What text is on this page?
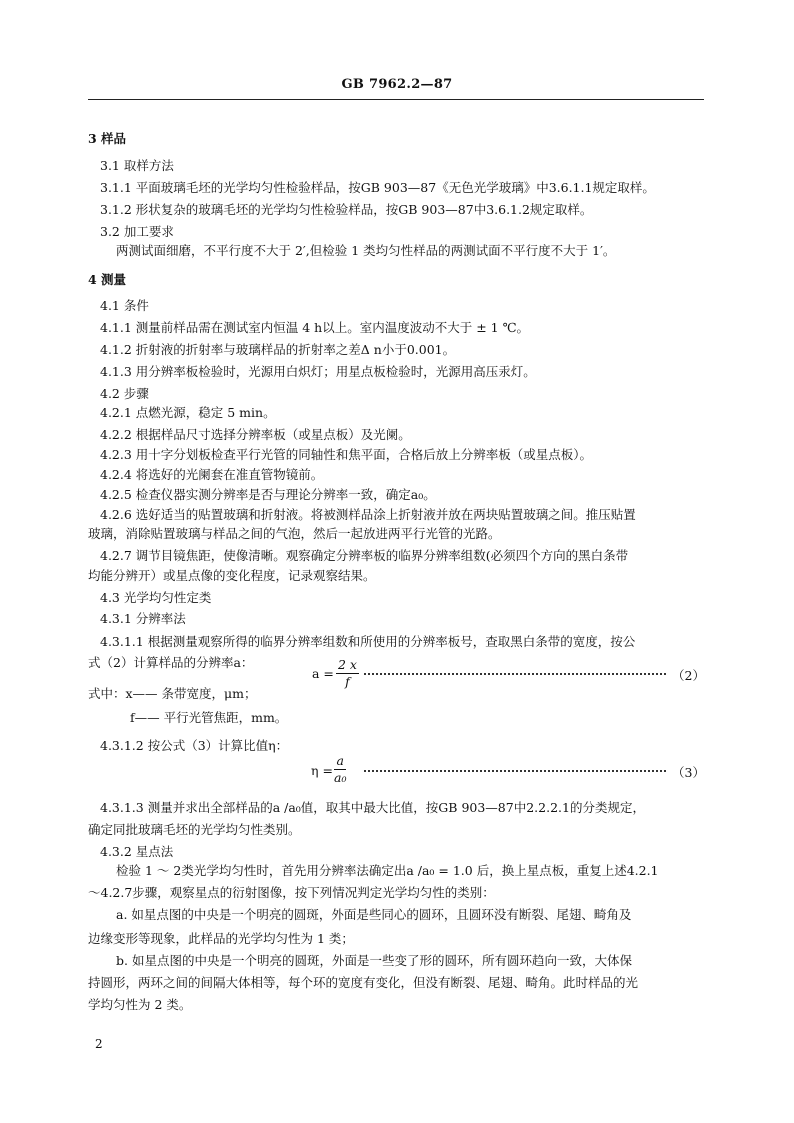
GB 7962.2—87
3 样品
3.1 取样方法
3.1.1 平面玻璃毛坯的光学均匀性检验样品，按GB 903—87《无色光学玻璃》中3.6.1.1规定取样。
3.1.2 形状复杂的玻璃毛坯的光学均匀性检验样品，按GB 903—87中3.6.1.2规定取样。
3.2 加工要求
两测试面细磨，不平行度不大于 2′,但检验 1 类均匀性样品的两测试面不平行度不大于 1′。
4 测量
4.1 条件
4.1.1 测量前样品需在测试室内恒温 4 h以上。室内温度波动不大于 ± 1 ℃。
4.1.2 折射液的折射率与玻璃样品的折射率之差Δ n小于0.001。
4.1.3 用分辨率板检验时，光源用白炽灯；用星点板检验时，光源用高压汞灯。
4.2 步骤
4.2.1 点燃光源，稳定 5 min。
4.2.2 根据样品尺寸选择分辨率板（或星点板）及光阑。
4.2.3 用十字分划板检查平行光管的同轴性和焦平面，合格后放上分辨率板（或星点板）。
4.2.4 将选好的光阑套在准直管物镜前。
4.2.5 检查仪器实测分辨率是否与理论分辨率一致，确定a₀。
4.2.6 选好适当的贴置玻璃和折射液。将被测样品涂上折射液并放在两块贴置玻璃之间。推压贴置
玻璃，消除贴置玻璃与样品之间的气泡，然后一起放进两平行光管的光路。
4.2.7 调节目镜焦距，使像清晰。观察确定分辨率板的临界分辨率组数(必须四个方向的黑白条带
均能分辨开）或星点像的变化程度，记录观察结果。
4.3 光学均匀性定类
4.3.1 分辨率法
4.3.1.1 根据测量观察所得的临界分辨率组数和所使用的分辨率板号，查取黑白条带的宽度，按公
式（2）计算样品的分辨率a：
式中：x—— 条带宽度，μm；
f—— 平行光管焦距，mm。
4.3.1.2 按公式（3）计算比值η：
4.3.1.3 测量并求出全部样品的a /a₀值，取其中最大比值，按GB 903—87中2.2.2.1的分类规定，
确定同批玻璃毛坯的光学均匀性类别。
4.3.2 星点法
检验 1 ～ 2类光学均匀性时，首先用分辨率法确定出a /a₀ = 1.0 后，换上星点板，重复上述4.2.1
～4.2.7步骤，观察星点的衍射图像，按下列情况判定光学均匀性的类别：
a. 如星点图的中央是一个明亮的圆斑，外面是些同心的圆环，且圆环没有断裂、尾翅、畸角及
边缘变形等现象，此样品的光学均匀性为 1 类；
b. 如星点图的中央是一个明亮的圆斑，外面是一些变了形的圆环，所有圆环趋向一致，大体保
持圆形，两环之间的间隔大体相等，每个环的宽度有变化，但没有断裂、尾翅、畸角。此时样品的光
学均匀性为 2 类。
$a = \frac{2 x}{f}$	（2）
$\eta = \frac{a}{\text{a₀}}$	（3）
2
